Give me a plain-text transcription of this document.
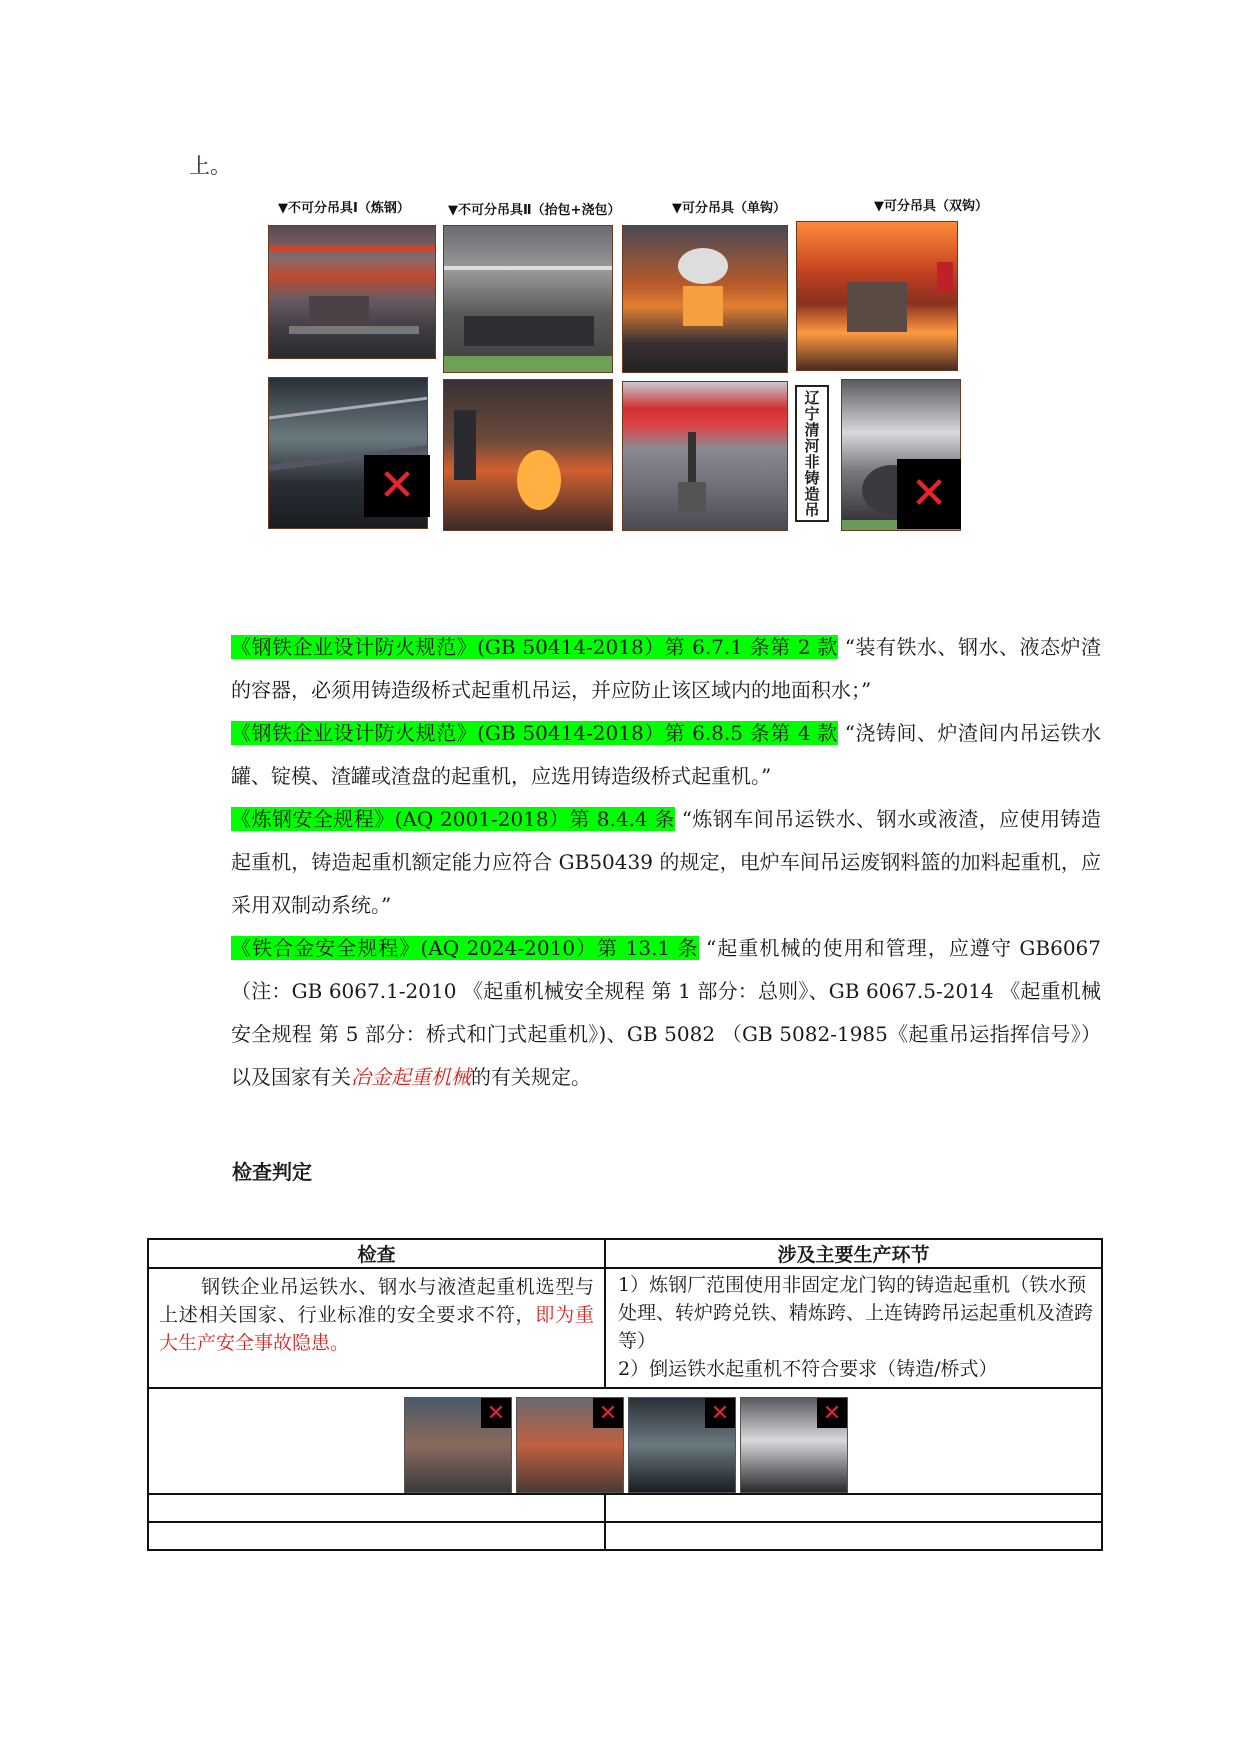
上。
▼不可分吊具Ⅰ（炼钢）	▼不可分吊具Ⅱ（抬包+浇包）	▼可分吊具（单钩）	▼可分吊具（双钩）
✕	辽宁清河非铸造吊 ✕
《钢铁企业设计防火规范》(GB 50414-2018）第 6.7.1 条第 2 款 “装有铁水、钢水、液态炉渣的容器，必须用铸造级桥式起重机吊运，并应防止该区域内的地面积水；”
《钢铁企业设计防火规范》(GB 50414-2018）第 6.8.5 条第 4 款 “浇铸间、炉渣间内吊运铁水罐、锭模、渣罐或渣盘的起重机，应选用铸造级桥式起重机。”
《炼钢安全规程》(AQ 2001-2018）第 8.4.4 条 “炼钢车间吊运铁水、钢水或液渣，应使用铸造起重机，铸造起重机额定能力应符合 GB50439 的规定，电炉车间吊运废钢料篮的加料起重机，应采用双制动系统。”
《铁合金安全规程》(AQ 2024-2010）第 13.1 条 “起重机械的使用和管理，应遵守 GB6067（注：GB 6067.1-2010 《起重机械安全规程 第 1 部分：总则》、GB 6067.5-2014 《起重机械安全规程 第 5 部分：桥式和门式起重机》)、GB 5082 （GB 5082-1985《起重吊运指挥信号》）以及国家有关冶金起重机械的有关规定。
检查判定
检查	涉及主要生产环节

钢铁企业吊运铁水、钢水与液渣起重机选型与上述相关国家、行业标准的安全要求不符，即为重大生产安全事故隐患。	1）炼钢厂范围使用非固定龙门钩的铸造起重机（铁水预处理、转炉跨兑铁、精炼跨、上连铸跨吊运起重机及渣跨等）
2）倒运铁水起重机不符合要求（铸造/桥式）

✕ ✕ ✕ ✕	
